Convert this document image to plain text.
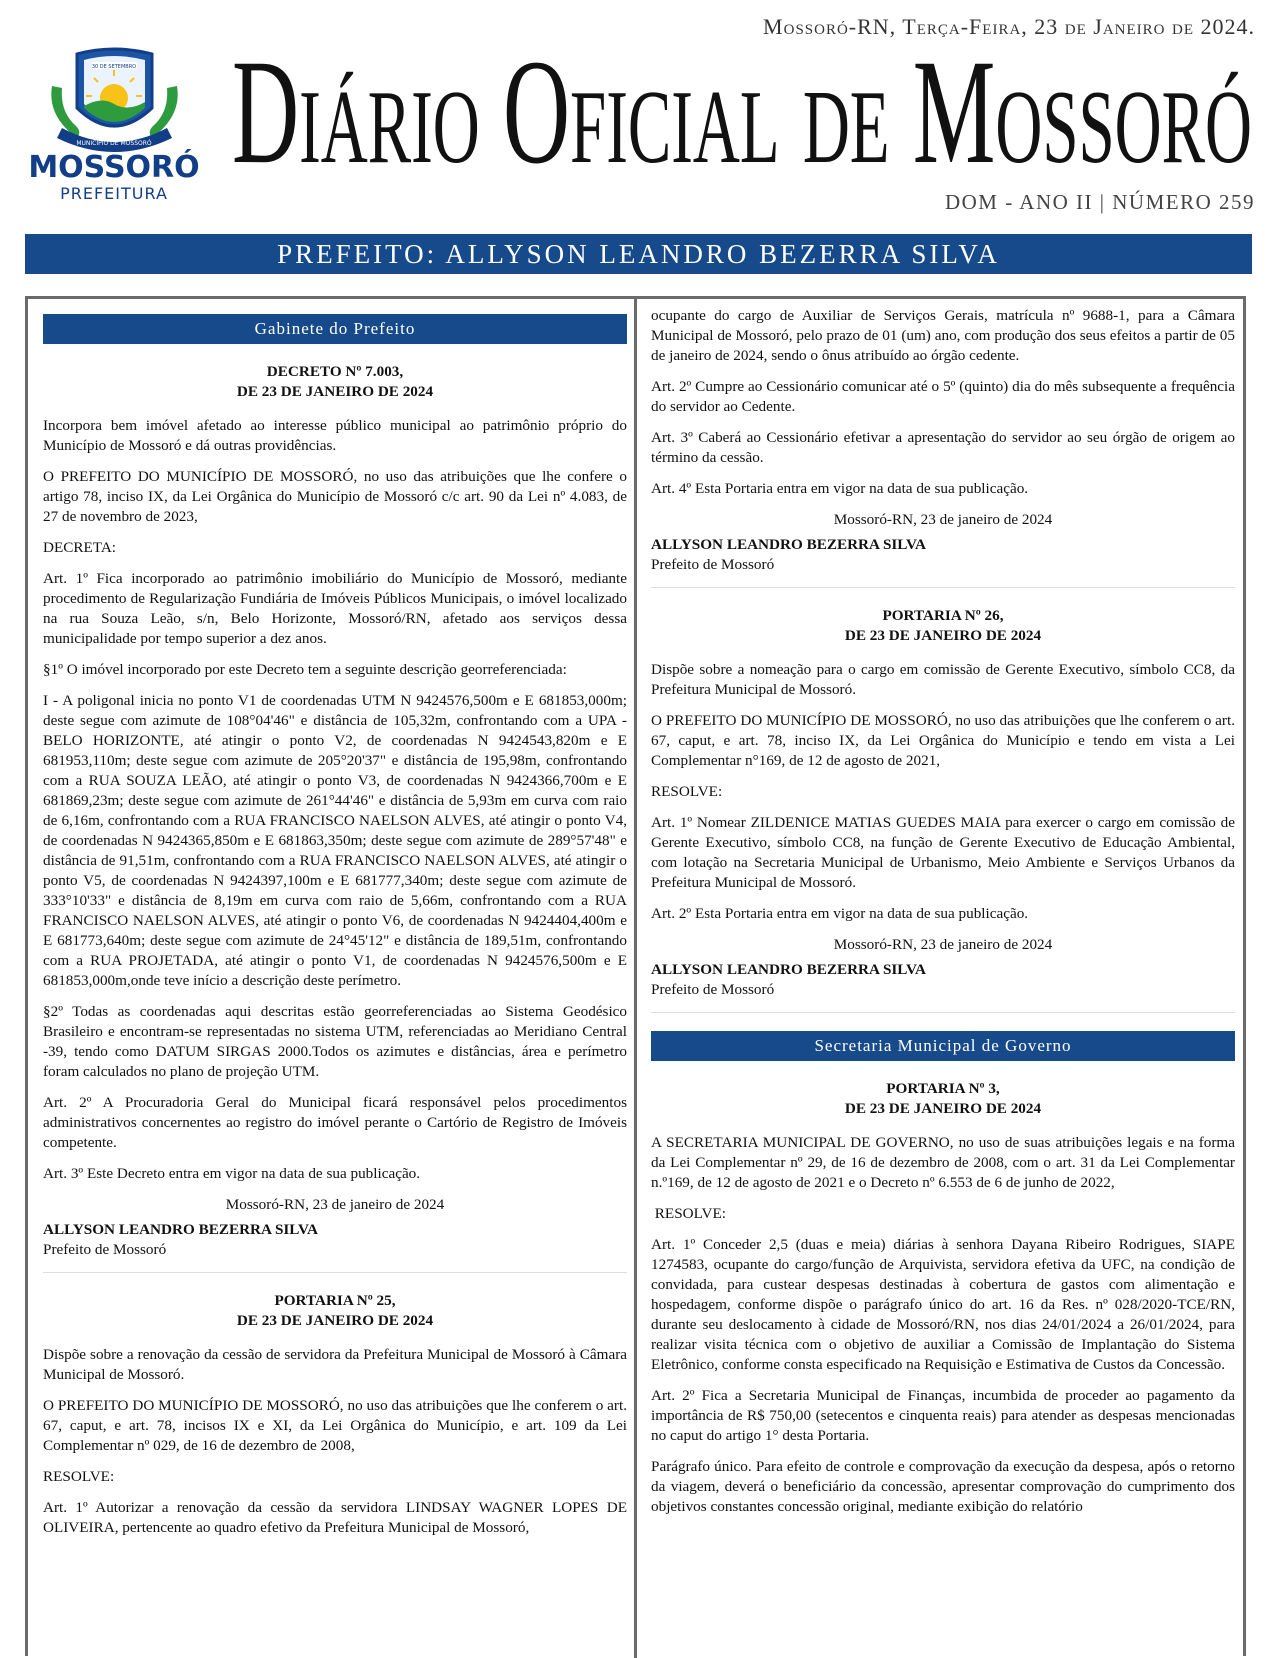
Mossoró-RN, Terça-Feira, 23 de Janeiro de 2024.
MUNICÍPIO DE MOSSORÓ
30 DE SETEMBRO
MOSSORÓ
PREFEITURA Diário Oficial de Mossoró
DOM - ANO II | NÚMERO 259
PREFEITO: ALLYSON LEANDRO BEZERRA SILVA
Gabinete do Prefeito
DECRETO Nº 7.003,
DE 23 DE JANEIRO DE 2024

Incorpora bem imóvel afetado ao interesse público municipal ao patrimônio próprio do Município de Mossoró e dá outras providências.

O PREFEITO DO MUNICÍPIO DE MOSSORÓ, no uso das atribuições que lhe confere o artigo 78, inciso IX, da Lei Orgânica do Município de Mossoró c/c art. 90 da Lei nº 4.083, de 27 de novembro de 2023,

DECRETA:

Art. 1º Fica incorporado ao patrimônio imobiliário do Município de Mossoró, mediante procedimento de Regularização Fundiária de Imóveis Públicos Municipais, o imóvel localizado na rua Souza Leão, s/n, Belo Horizonte, Mossoró/RN, afetado aos serviços dessa municipalidade por tempo superior a dez anos.

§1º O imóvel incorporado por este Decreto tem a seguinte descrição georreferenciada:

I - A poligonal inicia no ponto V1 de coordenadas UTM N 9424576,500m e E 681853,000m; deste segue com azimute de 108°04'46" e distância de 105,32m, confrontando com a UPA - BELO HORIZONTE, até atingir o ponto V2, de coordenadas N 9424543,820m e E 681953,110m; deste segue com azimute de 205°20'37" e distância de 195,98m, confrontando com a RUA SOUZA LEÃO, até atingir o ponto V3, de coordenadas N 9424366,700m e E 681869,23m; deste segue com azimute de 261°44'46" e distância de 5,93m em curva com raio de 6,16m, confrontando com a RUA FRANCISCO NAELSON ALVES, até atingir o ponto V4, de coordenadas N 9424365,850m e E 681863,350m; deste segue com azimute de 289°57'48" e distância de 91,51m, confrontando com a RUA FRANCISCO NAELSON ALVES, até atingir o ponto V5, de coordenadas N 9424397,100m e E 681777,340m; deste segue com azimute de 333°10'33" e distância de 8,19m em curva com raio de 5,66m, confrontando com a RUA FRANCISCO NAELSON ALVES, até atingir o ponto V6, de coordenadas N 9424404,400m e E 681773,640m; deste segue com azimute de 24°45'12" e distância de 189,51m, confrontando com a RUA PROJETADA, até atingir o ponto V1, de coordenadas N 9424576,500m e E 681853,000m,onde teve início a descrição deste perímetro.

§2º Todas as coordenadas aqui descritas estão georreferenciadas ao Sistema Geodésico Brasileiro e encontram-se representadas no sistema UTM, referenciadas ao Meridiano Central -39, tendo como DATUM SIRGAS 2000.Todos os azimutes e distâncias, área e perímetro foram calculados no plano de projeção UTM.

Art. 2º A Procuradoria Geral do Municipal ficará responsável pelos procedimentos administrativos concernentes ao registro do imóvel perante o Cartório de Registro de Imóveis competente.

Art. 3º Este Decreto entra em vigor na data de sua publicação.

Mossoró-RN, 23 de janeiro de 2024

ALLYSON LEANDRO BEZERRA SILVA

Prefeito de Mossoró

PORTARIA Nº 25,
DE 23 DE JANEIRO DE 2024

Dispõe sobre a renovação da cessão de servidora da Prefeitura Municipal de Mossoró à Câmara Municipal de Mossoró.

O PREFEITO DO MUNICÍPIO DE MOSSORÓ, no uso das atribuições que lhe conferem o art. 67, caput, e art. 78, incisos IX e XI, da Lei Orgânica do Município, e art. 109 da Lei Complementar nº 029, de 16 de dezembro de 2008,

RESOLVE:

Art. 1º Autorizar a renovação da cessão da servidora LINDSAY WAGNER LOPES DE OLIVEIRA, pertencente ao quadro efetivo da Prefeitura Municipal de Mossoró,

ocupante do cargo de Auxiliar de Serviços Gerais, matrícula nº 9688-1, para a Câmara Municipal de Mossoró, pelo prazo de 01 (um) ano, com produção dos seus efeitos a partir de 05 de janeiro de 2024, sendo o ônus atribuído ao órgão cedente.

Art. 2º Cumpre ao Cessionário comunicar até o 5º (quinto) dia do mês subsequente a frequência do servidor ao Cedente.

Art. 3º Caberá ao Cessionário efetivar a apresentação do servidor ao seu órgão de origem ao término da cessão.

Art. 4º Esta Portaria entra em vigor na data de sua publicação.

Mossoró-RN, 23 de janeiro de 2024

ALLYSON LEANDRO BEZERRA SILVA

Prefeito de Mossoró

PORTARIA Nº 26,
DE 23 DE JANEIRO DE 2024

Dispõe sobre a nomeação para o cargo em comissão de Gerente Executivo, símbolo CC8, da Prefeitura Municipal de Mossoró.

O PREFEITO DO MUNICÍPIO DE MOSSORÓ, no uso das atribuições que lhe conferem o art. 67, caput, e art. 78, inciso IX, da Lei Orgânica do Município e tendo em vista a Lei Complementar n°169, de 12 de agosto de 2021,

RESOLVE:

Art. 1º Nomear ZILDENICE MATIAS GUEDES MAIA para exercer o cargo em comissão de Gerente Executivo, símbolo CC8, na função de Gerente Executivo de Educação Ambiental, com lotação na Secretaria Municipal de Urbanismo, Meio Ambiente e Serviços Urbanos da Prefeitura Municipal de Mossoró.

Art. 2º Esta Portaria entra em vigor na data de sua publicação.

Mossoró-RN, 23 de janeiro de 2024

ALLYSON LEANDRO BEZERRA SILVA

Prefeito de Mossoró

Secretaria Municipal de Governo
PORTARIA Nº 3,
DE 23 DE JANEIRO DE 2024

A SECRETARIA MUNICIPAL DE GOVERNO, no uso de suas atribuições legais e na forma da Lei Complementar nº 29, de 16 de dezembro de 2008, com o art. 31 da Lei Complementar n.º169, de 12 de agosto de 2021 e o Decreto nº 6.553 de 6 de junho de 2022,

RESOLVE:

Art. 1º Conceder 2,5 (duas e meia) diárias à senhora Dayana Ribeiro Rodrigues, SIAPE 1274583, ocupante do cargo/função de Arquivista, servidora efetiva da UFC, na condição de convidada, para custear despesas destinadas à cobertura de gastos com alimentação e hospedagem, conforme dispõe o parágrafo único do art. 16 da Res. nº 028/2020-TCE/RN, durante seu deslocamento à cidade de Mossoró/RN, nos dias 24/01/2024 a 26/01/2024, para realizar visita técnica com o objetivo de auxiliar a Comissão de Implantação do Sistema Eletrônico, conforme consta especificado na Requisição e Estimativa de Custos da Concessão.

Art. 2º Fica a Secretaria Municipal de Finanças, incumbida de proceder ao pagamento da importância de R$ 750,00 (setecentos e cinquenta reais) para atender as despesas mencionadas no caput do artigo 1° desta Portaria.

Parágrafo único. Para efeito de controle e comprovação da execução da despesa, após o retorno da viagem, deverá o beneficiário da concessão, apresentar comprovação do cumprimento dos objetivos constantes concessão original, mediante exibição do relatório
